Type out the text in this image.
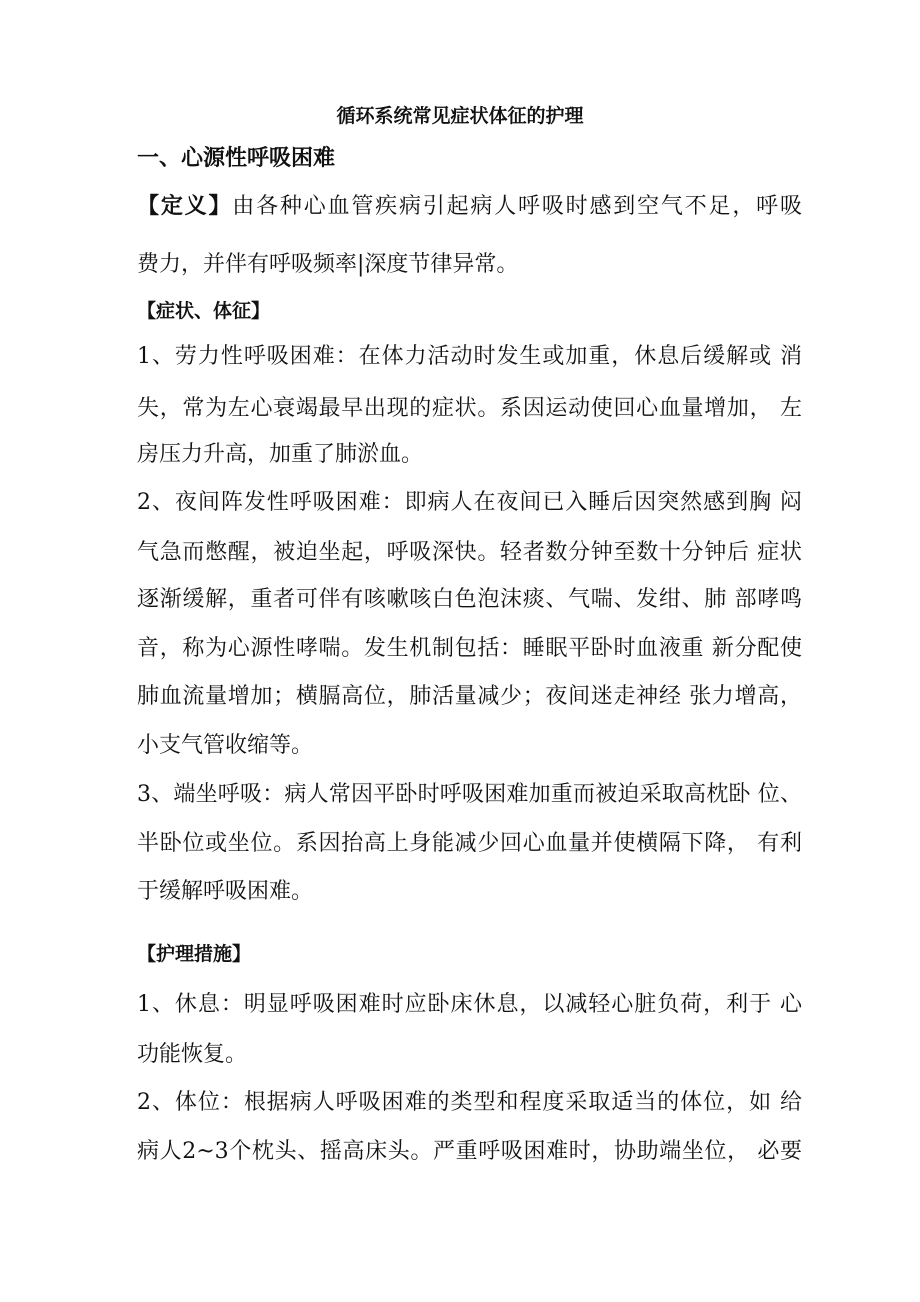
循环系统常见症状体征的护理
一、心源性呼吸困难
【定义】由各种心血管疾病引起病人呼吸时感到空气不足，呼吸
费力，并伴有呼吸频率|深度节律异常。
【症状、体征】
1、劳力性呼吸困难：在体力活动时发生或加重，休息后缓解或 消
失，常为左心衰竭最早出现的症状。系因运动使回心血量增加， 左
房压力升高，加重了肺淤血。
2、夜间阵发性呼吸困难：即病人在夜间已入睡后因突然感到胸 闷
气急而憋醒，被迫坐起，呼吸深快。轻者数分钟至数十分钟后 症状
逐渐缓解，重者可伴有咳嗽咳白色泡沫痰、气喘、发绀、肺 部哮鸣
音，称为心源性哮喘。发生机制包括：睡眠平卧时血液重 新分配使
肺血流量增加；横膈高位，肺活量减少；夜间迷走神经 张力增高，
小支气管收缩等。
3、端坐呼吸：病人常因平卧时呼吸困难加重而被迫采取高枕卧 位、
半卧位或坐位。系因抬高上身能减少回心血量并使横隔下降， 有利
于缓解呼吸困难。
【护理措施】
1、休息：明显呼吸困难时应卧床休息，以减轻心脏负荷，利于 心
功能恢复。
2、体位：根据病人呼吸困难的类型和程度采取适当的体位，如 给
病人2~3个枕头、摇高床头。严重呼吸困难时，协助端坐位， 必要
